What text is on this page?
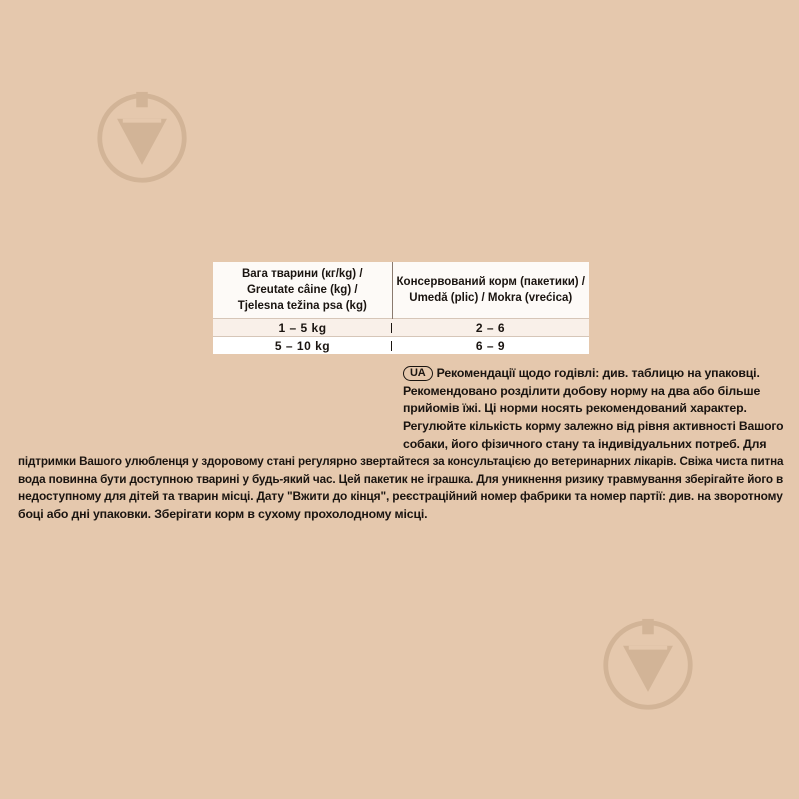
Вага тварини (кг/kg) /
Greutate câine (kg) /
Tjelesna težina psa (kg)	Консервований корм (пакетики) /
Umedă (plic) / Mokra (vrećica)

1 – 5 kg	2 – 6
5 – 10 kg	6 – 9
UA Рекомендації щодо годівлі: див. таблицю на упаковці.
Рекомендовано розділити добову норму на два або більше
прийомів їжі. Ці норми носять рекомендований характер.
Регулюйте кількість корму залежно від рівня активності Вашого
собаки, його фізичного стану та індивідуальних потреб. Для
підтримки Вашого улюбленця у здоровому стані регулярно звертайтеся за консультацією до ветеринарних лікарів. Свіжа чиста питна
вода повинна бути доступною тварині у будь-який час. Цей пакетик не іграшка. Для уникнення ризику травмування зберігайте його в
недоступному для дітей та тварин місці. Дату "Вжити до кінця", реєстраційний номер фабрики та номер партії: див. на зворотному
боці або дні упаковки. Зберігати корм в сухому прохолодному місці.
